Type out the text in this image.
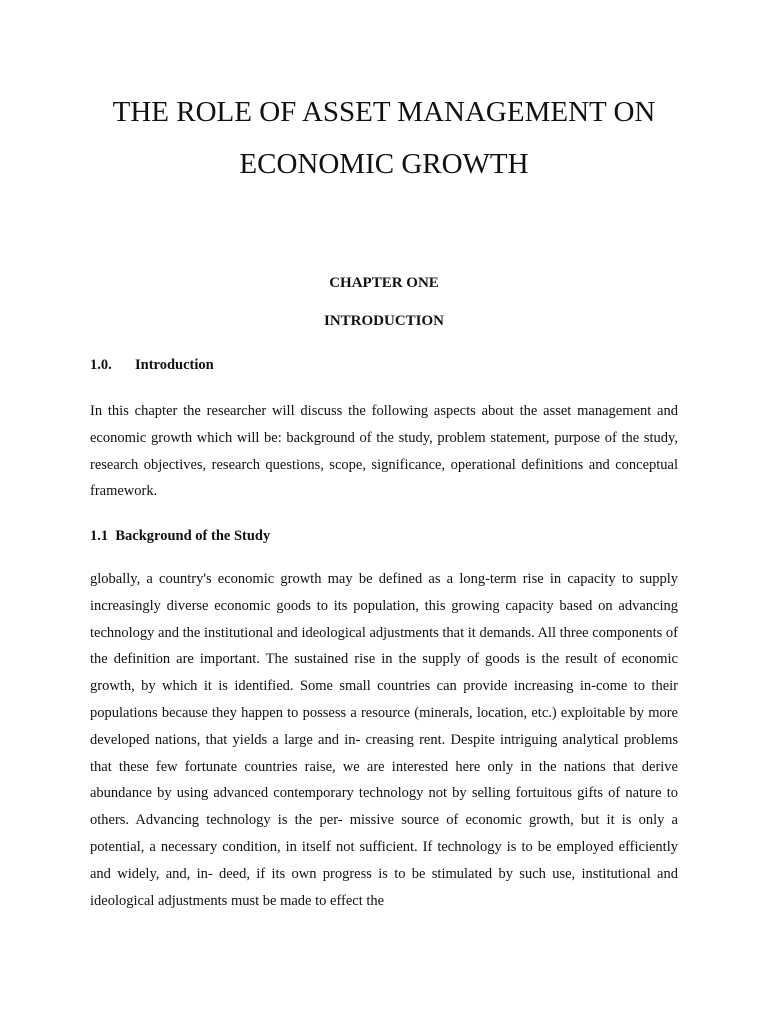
THE ROLE OF ASSET MANAGEMENT ON
ECONOMIC GROWTH

CHAPTER ONE

INTRODUCTION

1.0. Introduction

In this chapter the researcher will discuss the following aspects about the asset management and economic growth which will be: background of the study, problem statement, purpose of the study, research objectives, research questions, scope, significance, operational definitions and conceptual framework.

1.1  Background of the Study

globally, a country's economic growth may be defined as a long-term rise in capacity to supply increasingly diverse economic goods to its population, this growing capacity based on advancing technology and the institutional and ideological adjustments that it demands. All three components of the definition are important. The sustained rise in the supply of goods is the result of economic growth, by which it is identified. Some small countries can provide increasing in-come to their populations because they happen to possess a resource (minerals, location, etc.) exploitable by more developed nations, that yields a large and in- creasing rent. Despite intriguing analytical problems that these few fortunate countries raise, we are interested here only in the nations that derive abundance by using advanced contemporary technology not by selling fortuitous gifts of nature to others. Advancing technology is the per- missive source of economic growth, but it is only a potential, a necessary condition, in itself not sufficient. If technology is to be employed efficiently and widely, and, in- deed, if its own progress is to be stimulated by such use, institutional and ideological adjustments must be made to effect the
